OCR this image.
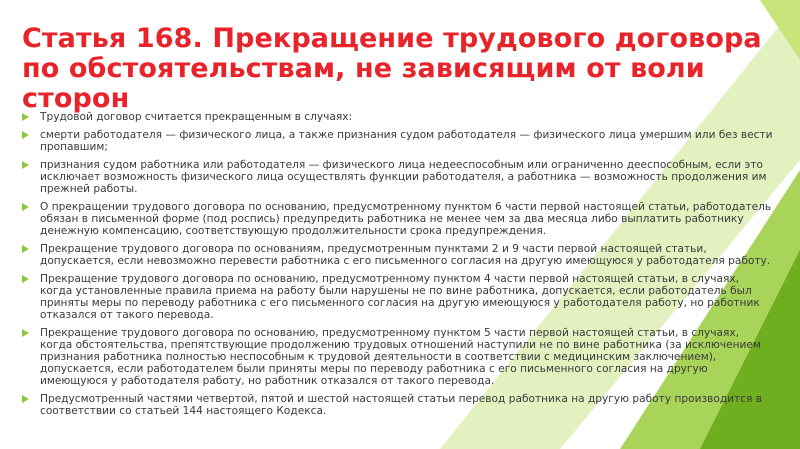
Статья 168. Прекращение трудового договора по обстоятельствам, не зависящим от воли сторон
Трудовой договор считается прекращенным в случаях:
смерти работодателя — физического лица, а также признания судом работодателя — физического лица умершим или без вести пропавшим;
признания судом работника или работодателя — физического лица недееспособным или ограниченно дееспособным, если это исключает возможность физического лица осуществлять функции работодателя, а работника — возможность продолжения им прежней работы.
О прекращении трудового договора по основанию, предусмотренному пунктом 6 части первой настоящей статьи, работодатель обязан в письменной форме (под роспись) предупредить работника не менее чем за два месяца либо выплатить работнику денежную компенсацию, соответствующую продолжительности срока предупреждения.
Прекращение трудового договора по основаниям, предусмотренным пунктами 2 и 9 части первой настоящей статьи, допускается, если невозможно перевести работника с его письменного согласия на другую имеющуюся у работодателя работу.
Прекращение трудового договора по основанию, предусмотренному пунктом 4 части первой настоящей статьи, в случаях, когда установленные правила приема на работу были нарушены не по вине работника, допускается, если работодатель был приняты меры по переводу работника с его письменного согласия на другую имеющуюся у работодателя работу, но работник отказался от такого перевода.
Прекращение трудового договора по основанию, предусмотренному пунктом 5 части первой настоящей статьи, в случаях, когда обстоятельства, препятствующие продолжению трудовых отношений наступили не по вине работника (за исключением признания работника полностью неспособным к трудовой деятельности в соответствии с медицинским заключением), допускается, если работодателем были приняты меры по переводу работника с его письменного согласия на другую имеющуюся у работодателя работу, но работник отказался от такого перевода.
Предусмотренный частями четвертой, пятой и шестой настоящей статьи перевод работника на другую работу производится в соответствии со статьей 144 настоящего Кодекса.
